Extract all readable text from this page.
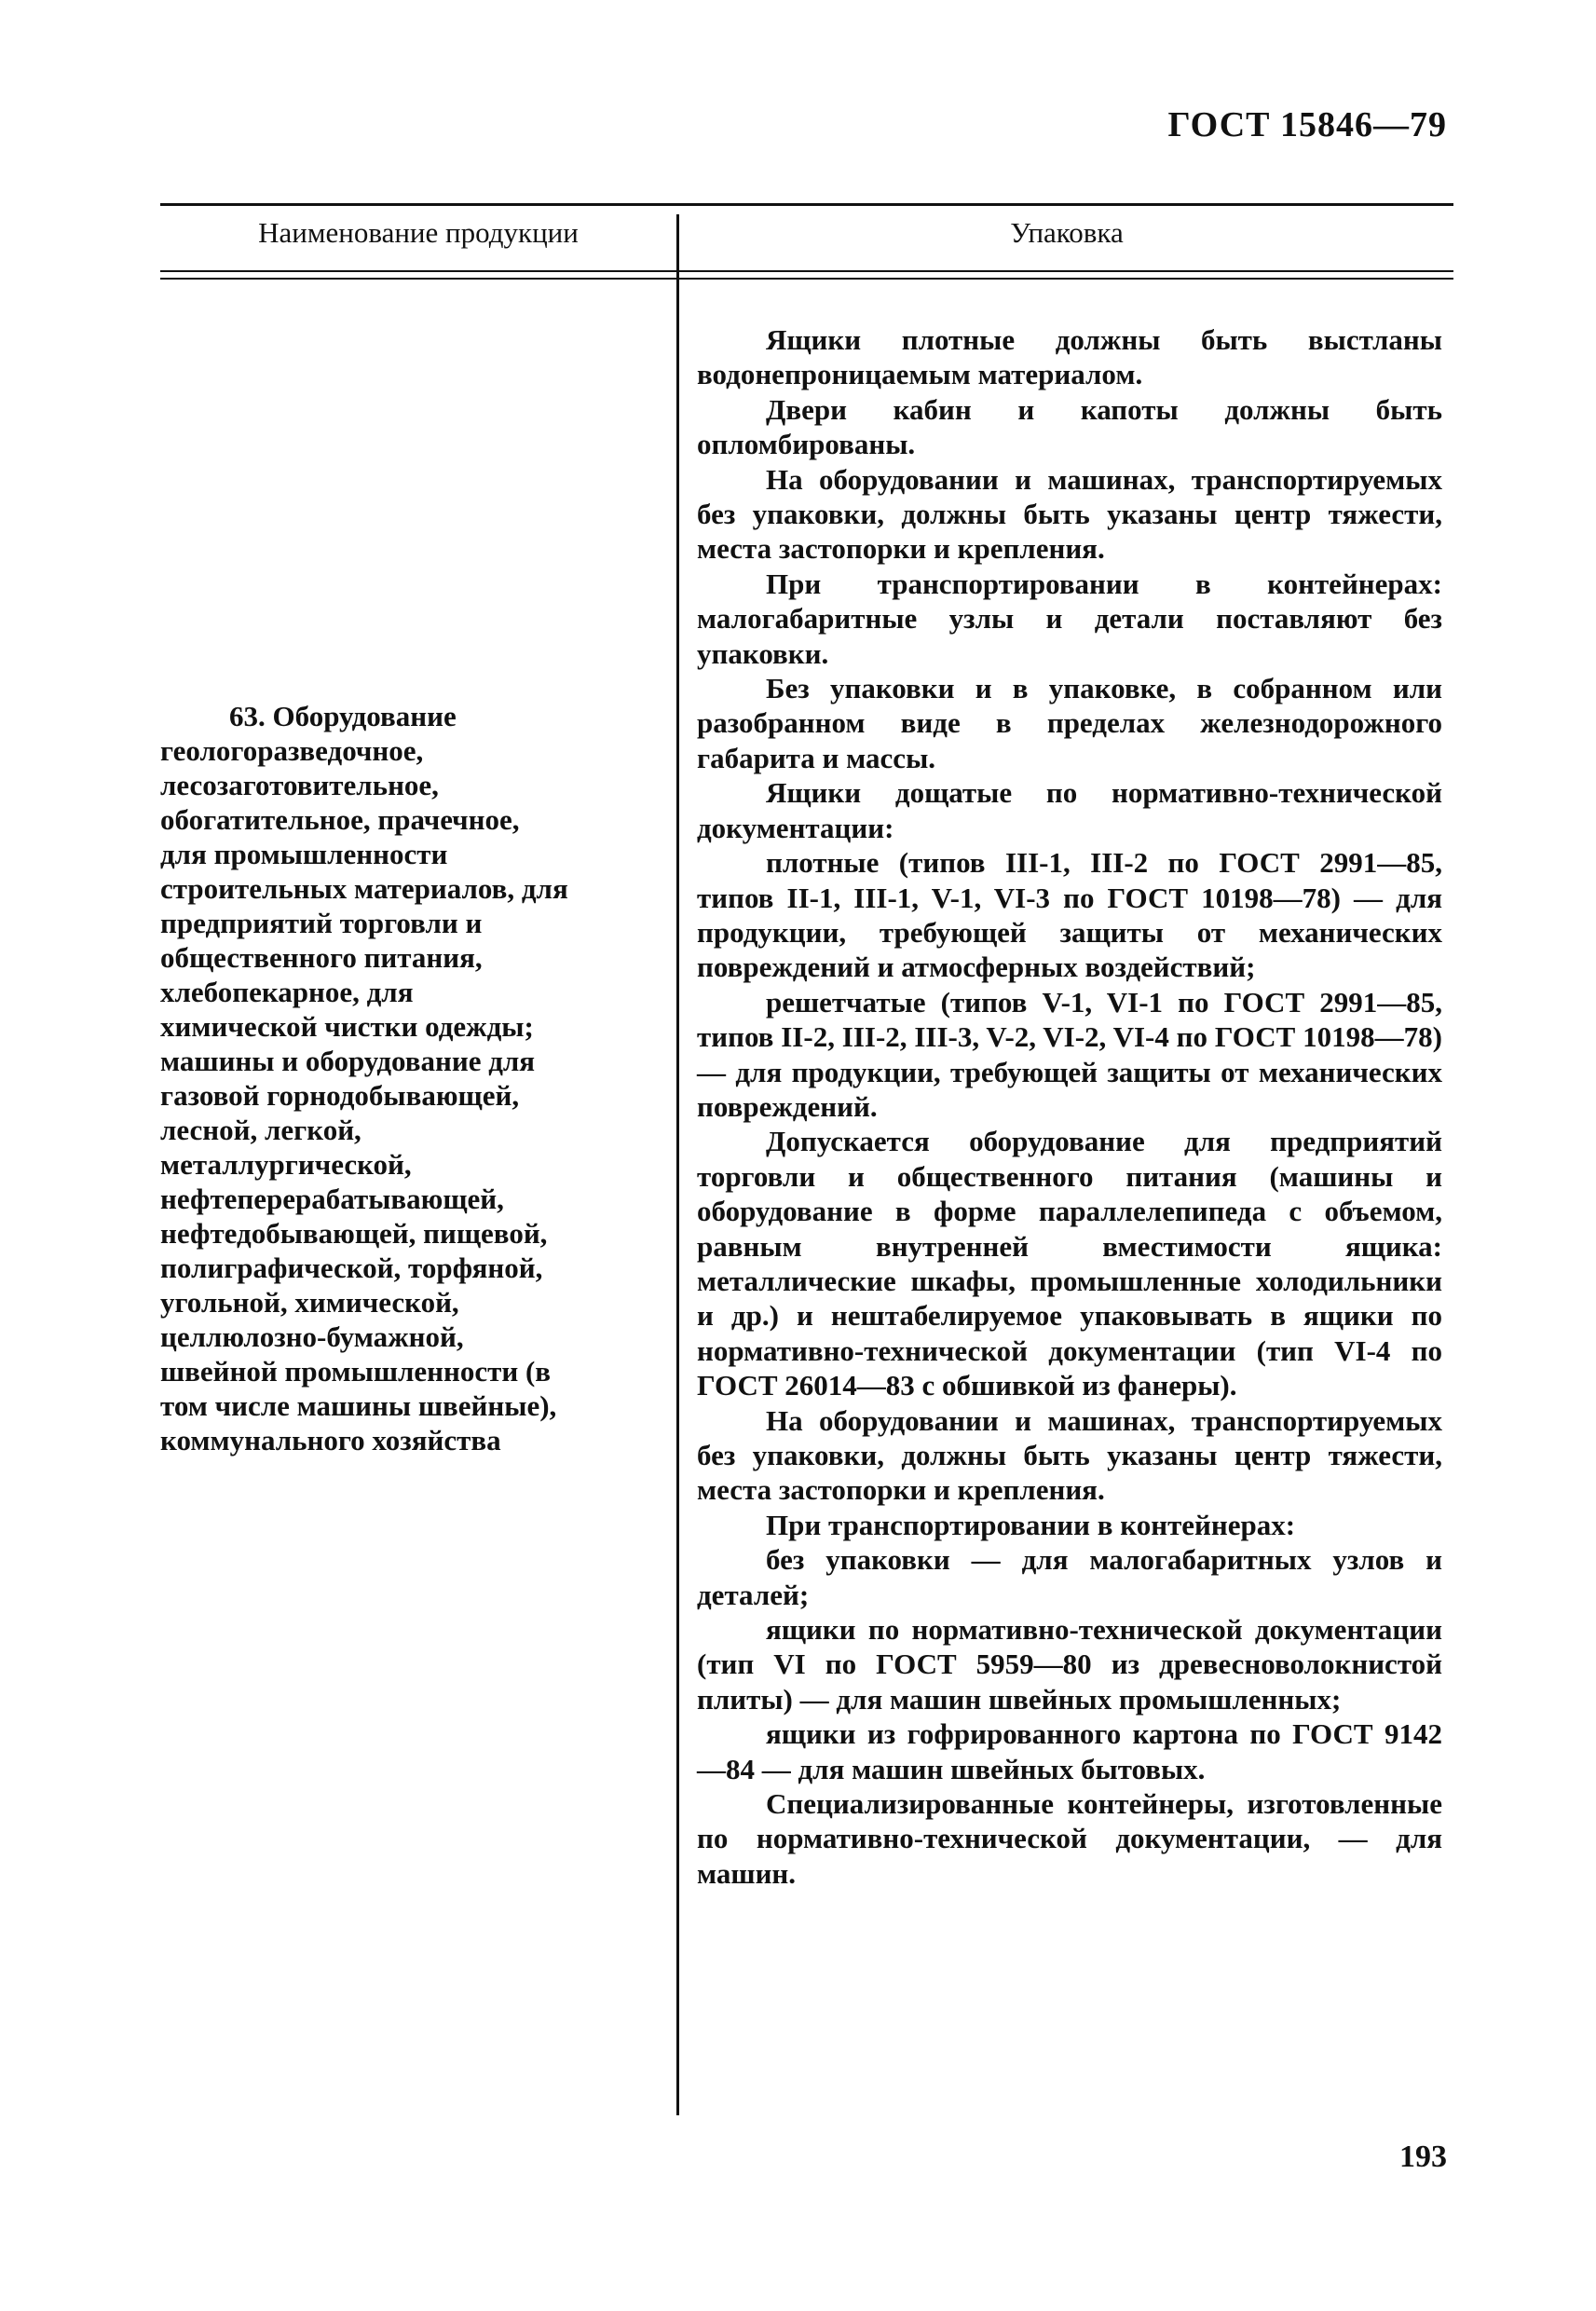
ГОСТ 15846—79
Наименование продукции	Упаковка
63. Оборудование
геологоразведочное, лесозаготовительное, обогатительное, прачечное, для промышленности строительных материалов, для предприятий торговли и общественного питания, хлебопекарное, для химической чистки одежды; машины и оборудование для газовой горнодобывающей, лесной, легкой, металлургической, нефтеперерабатывающей, нефтедобывающей, пищевой, полиграфической, торфяной, угольной, химической, целлюлозно-бумажной, швейной промышленности (в том числе машины швейные), коммунального хозяйства

Ящики плотные должны быть выстланы водонепроницаемым материалом.

Двери кабин и капоты должны быть опломбированы.

На оборудовании и машинах, транспортируемых без упаковки, должны быть указаны центр тяжести, места застопорки и крепления.

При транспортировании в контейнерах: малогабаритные узлы и детали поставляют без упаковки.

Без упаковки и в упаковке, в собранном или разобранном виде в пределах железнодорожного габарита и массы.

Ящики дощатые по нормативно-технической документации:

плотные (типов III-1, III-2 по ГОСТ 2991—85, типов II-1, III-1, V-1, VI-3 по ГОСТ 10198—78) — для продукции, требующей защиты от механических повреждений и атмосферных воздействий;

решетчатые (типов V-1, VI-1 по ГОСТ 2991—85, типов II-2, III-2, III-3, V-2, VI-2, VI-4 по ГОСТ 10198—78) — для продукции, требующей защиты от механических повреждений.

Допускается оборудование для предприятий торговли и общественного питания (машины и оборудование в форме параллелепипеда с объемом, равным внутренней вместимости ящика: металлические шкафы, промышленные холодильники и др.) и нештабелируемое упаковывать в ящики по нормативно-технической документации (тип VI-4 по ГОСТ 26014—83 с обшивкой из фанеры).

На оборудовании и машинах, транспортируемых без упаковки, должны быть указаны центр тяжести, места застопорки и крепления.

При транспортировании в контейнерах:

без упаковки — для малогабаритных узлов и деталей;

ящики по нормативно-технической документации (тип VI по ГОСТ 5959—80 из древесноволокнистой плиты) — для машин швейных промышленных;

ящики из гофрированного картона по ГОСТ 9142—84 — для машин швейных бытовых.

Специализированные контейнеры, изготовленные по нормативно-технической документации, — для машин.

193
